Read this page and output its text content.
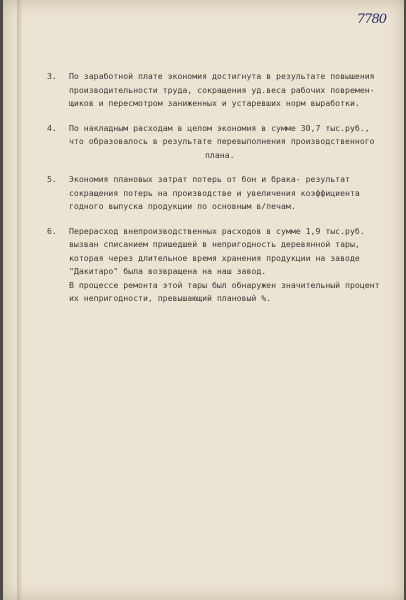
7780
3.	По заработной плате экономия достигнута в результате повышения
производительности труда, сокращения уд.веса рабочих повремен-
щиков и пересмотром заниженных и устаревших норм выработки.
4.	По накладным расходам в целом экономия в сумме 30,7 тыс.руб.,
что образовалось в результате перевыполнения производственного
плана.
5.	Экономия плановых затрат потерь от бон и брака- результат
сокращения потерь на производстве и увеличения коэффициента
годного выпуска продукции по основным в/печам.
6.	Перерасход внепроизводственных расходов в сумме 1,9 тыс.руб.
вызван списанием пришедшей в непригодность деревянной тары,
которая через длительное время хранения продукции на заводе
"Дакитаро" была возвращена на наш завод.
В процессе ремонта этой тары был обнаружен значительный процент
их непригодности, превышающий плановый %.
